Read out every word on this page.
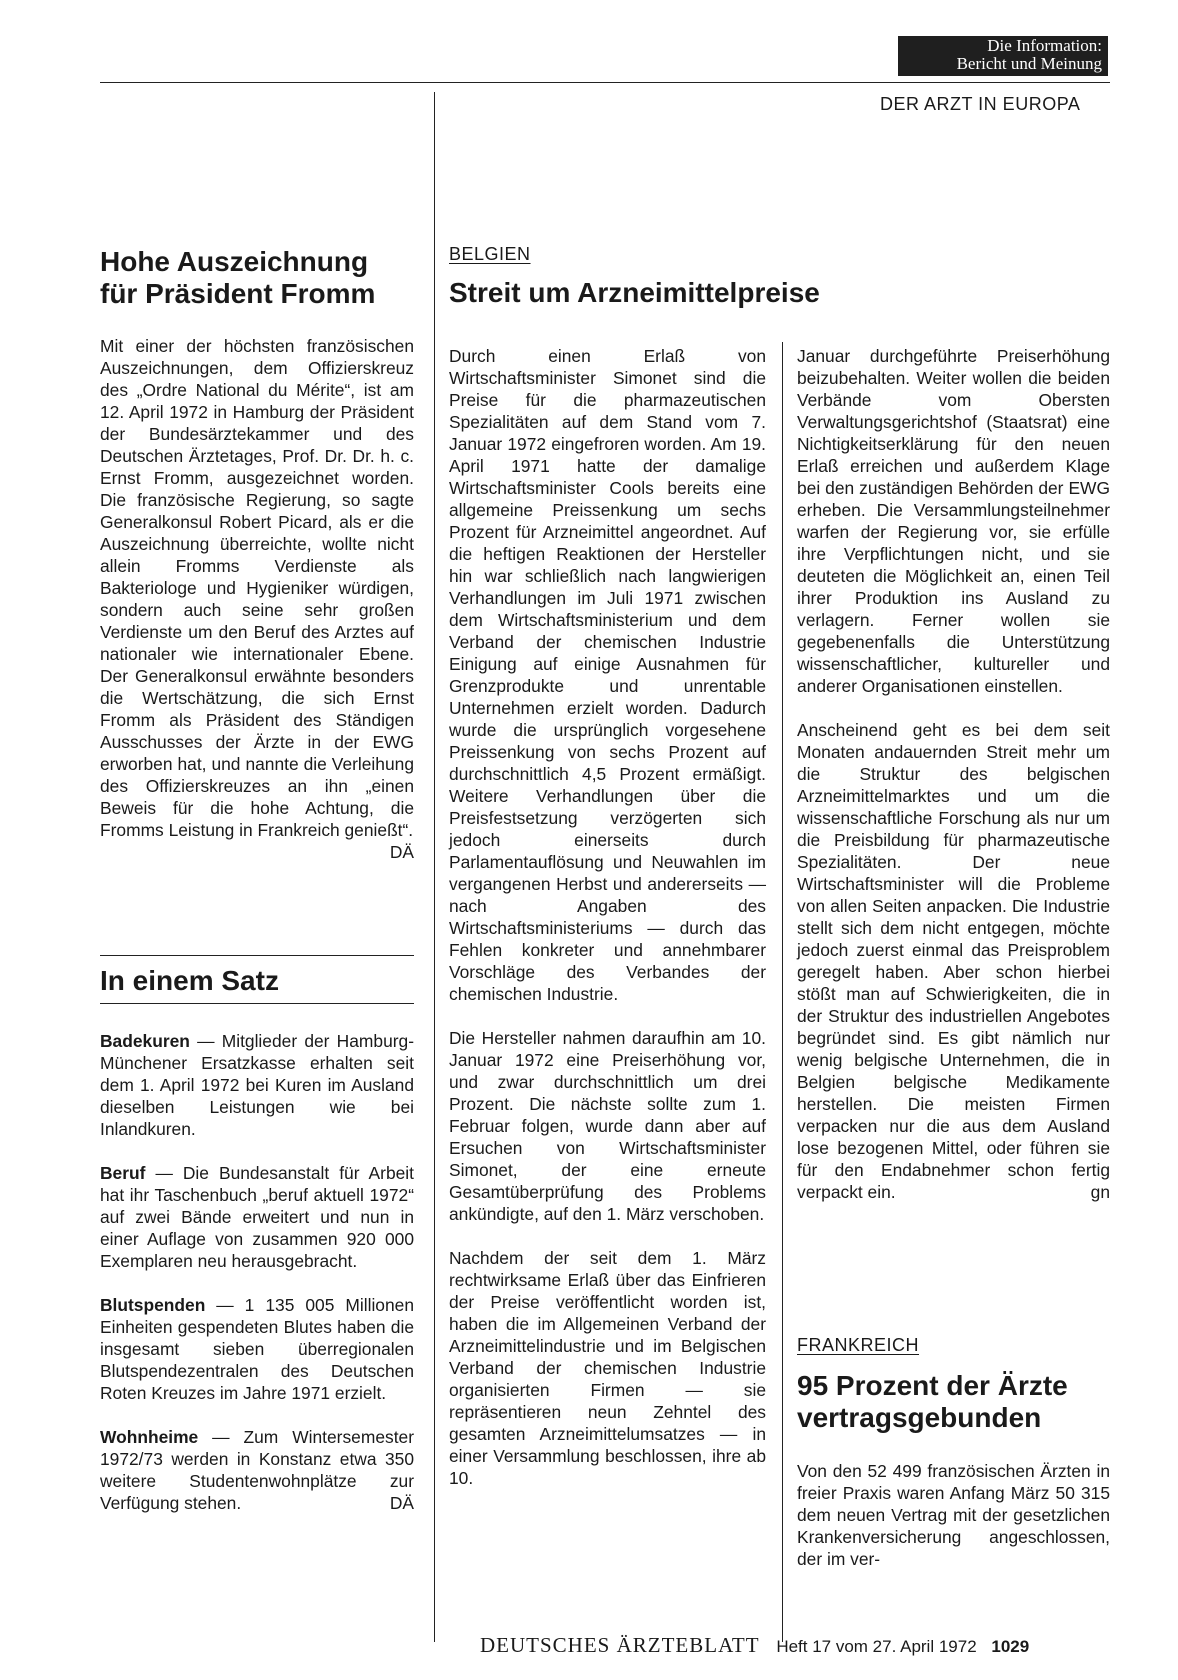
Die Information:
Bericht und Meinung
DER ARZT IN EUROPA
Hohe Auszeichnung
für Präsident Fromm

Mit einer der höchsten französischen Auszeichnungen, dem Offizierskreuz des „Ordre National du Mérite“, ist am 12. April 1972 in Hamburg der Präsident der Bundesärztekammer und des Deutschen Ärztetages, Prof. Dr. Dr. h. c. Ernst Fromm, ausgezeichnet worden. Die französische Regierung, so sagte Generalkonsul Robert Picard, als er die Auszeichnung überreichte, wollte nicht allein Fromms Verdienste als Bakteriologe und Hygieniker würdigen, sondern auch seine sehr großen Verdienste um den Beruf des Arztes auf nationaler wie internationaler Ebene. Der Generalkonsul erwähnte besonders die Wertschätzung, die sich Ernst Fromm als Präsident des Ständigen Ausschusses der Ärzte in der EWG erworben hat, und nannte die Verleihung des Offizierskreuzes an ihn „einen Beweis für die hohe Achtung, die Fromms Leistung in Frankreich genießt“.
DÄ

In einem Satz

Badekuren — Mitglieder der Hamburg-Münchener Ersatzkasse erhalten seit dem 1. April 1972 bei Kuren im Ausland dieselben Leistungen wie bei Inlandkuren.

Beruf — Die Bundesanstalt für Arbeit hat ihr Taschenbuch „beruf aktuell 1972“ auf zwei Bände erweitert und nun in einer Auflage von zusammen 920 000 Exemplaren neu herausgebracht.

Blutspenden — 1 135 005 Millionen Einheiten gespendeten Blutes haben die insgesamt sieben überregionalen Blutspendezentralen des Deutschen Roten Kreuzes im Jahre 1971 erzielt.

Wohnheime — Zum Wintersemester 1972/73 werden in Konstanz etwa 350 weitere Studentenwohnplätze zur Verfügung stehen.	DÄ

BELGIEN
Streit um Arzneimittelpreise

Durch einen Erlaß von Wirtschaftsminister Simonet sind die Preise für die pharmazeutischen Spezialitäten auf dem Stand vom 7. Januar 1972 eingefroren worden. Am 19. April 1971 hatte der damalige Wirtschaftsminister Cools bereits eine allgemeine Preissenkung um sechs Prozent für Arzneimittel angeordnet. Auf die heftigen Reaktionen der Hersteller hin war schließlich nach langwierigen Verhandlungen im Juli 1971 zwischen dem Wirtschaftsministerium und dem Verband der chemischen Industrie Einigung auf einige Ausnahmen für Grenzprodukte und unrentable Unternehmen erzielt worden. Dadurch wurde die ursprünglich vorgesehene Preissenkung von sechs Prozent auf durchschnittlich 4,5 Prozent ermäßigt. Weitere Verhandlungen über die Preisfestsetzung verzögerten sich jedoch einerseits durch Parlamentauflösung und Neuwahlen im vergangenen Herbst und andererseits — nach Angaben des Wirtschaftsministeriums — durch das Fehlen konkreter und annehmbarer Vorschläge des Verbandes der chemischen Industrie.

Die Hersteller nahmen daraufhin am 10. Januar 1972 eine Preiserhöhung vor, und zwar durchschnittlich um drei Prozent. Die nächste sollte zum 1. Februar folgen, wurde dann aber auf Ersuchen von Wirtschaftsminister Simonet, der eine erneute Gesamtüberprüfung des Problems ankündigte, auf den 1. März verschoben.

Nachdem der seit dem 1. März rechtwirksame Erlaß über das Einfrieren der Preise veröffentlicht worden ist, haben die im Allgemeinen Verband der Arzneimittelindustrie und im Belgischen Verband der chemischen Industrie organisierten Firmen — sie repräsentieren neun Zehntel des gesamten Arzneimittelumsatzes — in einer Versammlung beschlossen, ihre ab 10.

Januar durchgeführte Preiserhöhung beizubehalten. Weiter wollen die beiden Verbände vom Obersten Verwaltungsgerichtshof (Staatsrat) eine Nichtigkeitserklärung für den neuen Erlaß erreichen und außerdem Klage bei den zuständigen Behörden der EWG erheben. Die Versammlungsteilnehmer warfen der Regierung vor, sie erfülle ihre Verpflichtungen nicht, und sie deuteten die Möglichkeit an, einen Teil ihrer Produktion ins Ausland zu verlagern. Ferner wollen sie gegebenenfalls die Unterstützung wissenschaftlicher, kultureller und anderer Organisationen einstellen.

Anscheinend geht es bei dem seit Monaten andauernden Streit mehr um die Struktur des belgischen Arzneimittelmarktes und um die wissenschaftliche Forschung als nur um die Preisbildung für pharmazeutische Spezialitäten. Der neue Wirtschaftsminister will die Probleme von allen Seiten anpacken. Die Industrie stellt sich dem nicht entgegen, möchte jedoch zuerst einmal das Preisproblem geregelt haben. Aber schon hierbei stößt man auf Schwierigkeiten, die in der Struktur des industriellen Angebotes begründet sind. Es gibt nämlich nur wenig belgische Unternehmen, die in Belgien belgische Medikamente herstellen. Die meisten Firmen verpacken nur die aus dem Ausland lose bezogenen Mittel, oder führen sie für den Endabnehmer schon fertig verpackt ein.	gn

FRANKREICH
95 Prozent der Ärzte
vertragsgebunden

Von den 52 499 französischen Ärzten in freier Praxis waren Anfang März 50 315 dem neuen Vertrag mit der gesetzlichen Krankenversicherung angeschlossen, der im ver-

DEUTSCHES ÄRZTEBLATT Heft 17 vom 27. April 1972 1029
